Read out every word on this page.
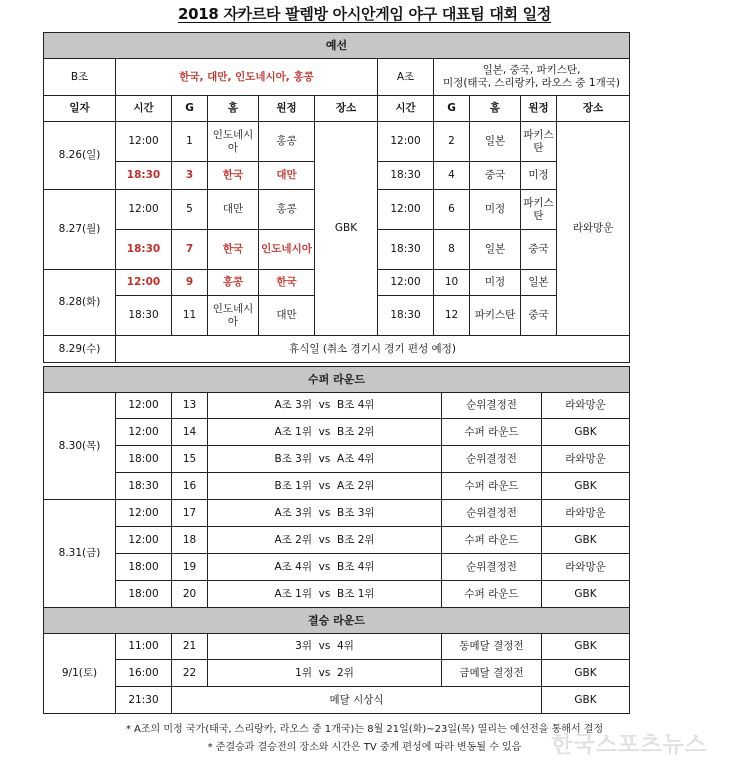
2018 자카르타 팔렘방 아시안게임 야구 대표팀 대회 일정
예선										
B조	한국, 대만, 인도네시아, 홍콩					A조	일본, 중국, 파키스탄,
미정(태국, 스리랑카, 라오스 중 1개국)			

일자	시간	G	홈	원정	장소	시간	G	홈	원정	장소
8.26(일)	12:00	1	인도네시아	홍콩	GBK	12:00	2	일본	파키스탄	라와망운
	18:30	3	한국	대만		18:30	4	중국	미정	
8.27(월)	12:00	5	대만	홍콩		12:00	6	미정	파키스탄	
	18:30	7	한국	인도네시아		18:30	8	일본	중국	
8.28(화)	12:00	9	홍콩	한국		12:00	10	미정	일본	
	18:30	11	인도네시아	대만		18:30	12	파키스탄	중국	
8.29(수)	휴식일 (취소 경기시 경기 편성 예정)									
수퍼 라운드					
8.30(목)	12:00	13	A조 3위  vs  B조 4위	순위결정전	라와망운
	12:00	14	A조 1위  vs  B조 2위	수퍼 라운드	GBK
	18:00	15	B조 3위  vs  A조 4위	순위결정전	라와망운
	18:30	16	B조 1위  vs  A조 2위	수퍼 라운드	GBK
8.31(금)	12:00	17	A조 3위  vs  B조 3위	순위결정전	라와망운
	12:00	18	A조 2위  vs  B조 2위	수퍼 라운드	GBK
	18:00	19	A조 4위  vs  B조 4위	순위결정전	라와망운
	18:00	20	A조 1위  vs  B조 1위	수퍼 라운드	GBK
결승 라운드					
9/1(토)	11:00	21	3위  vs  4위	동메달 결정전	GBK
	16:00	22	1위  vs  2위	금메달 결정전	GBK
	21:30	메달 시상식			GBK
* A조의 미정 국가(태국, 스리랑카, 라오스 중 1개국)는 8월 21일(화)~23일(목) 열리는 예선전을 통해서 결정
* 준결승과 결승전의 장소와 시간은 TV 중계 편성에 따라 변동될 수 있음	한국스포츠뉴스
